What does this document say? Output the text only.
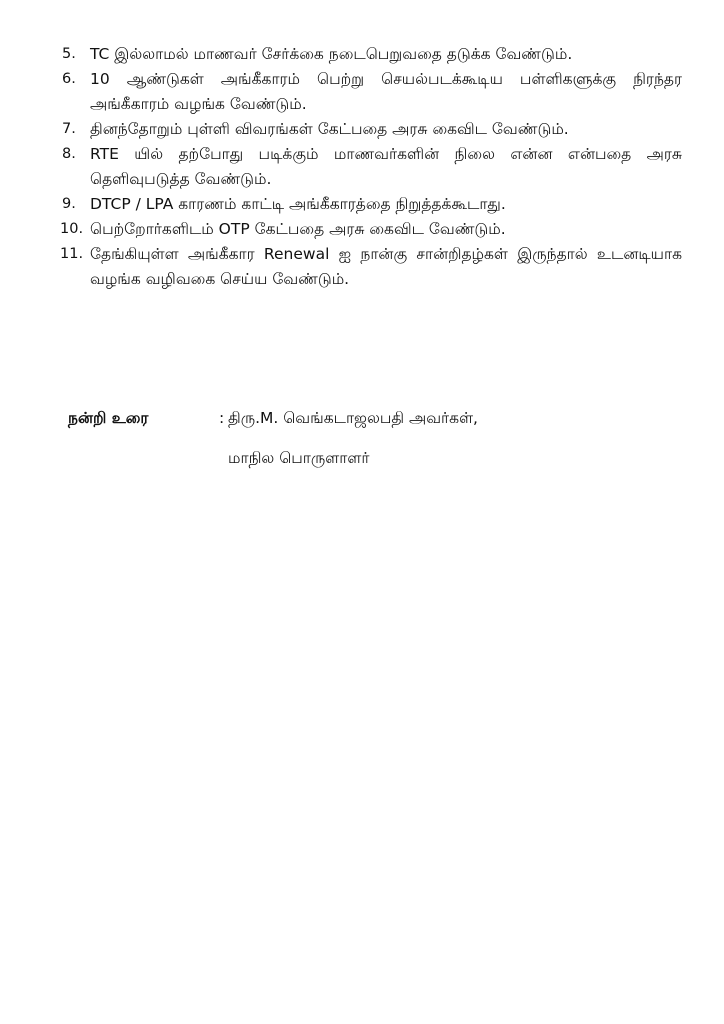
5. TC இல்லாமல் மாணவர் சேர்க்கை நடைபெறுவதை தடுக்க வேண்டும்.
6. 10 ஆண்டுகள் அங்கீகாரம் பெற்று செயல்படக்கூடிய பள்ளிகளுக்கு நிரந்தர அங்கீகாரம் வழங்க வேண்டும்.
7. தினந்தோறும் புள்ளி விவரங்கள் கேட்பதை அரசு கைவிட வேண்டும்.
8. RTE யில் தற்போது படிக்கும் மாணவர்களின் நிலை என்ன என்பதை அரசு தெளிவுபடுத்த வேண்டும்.
9. DTCP / LPA காரணம் காட்டி அங்கீகாரத்தை நிறுத்தக்கூடாது.
10. பெற்றோர்களிடம் OTP கேட்பதை அரசு கைவிட வேண்டும்.
11. தேங்கியுள்ள அங்கீகார Renewal ஐ நான்கு சான்றிதழ்கள் இருந்தால் உடனடியாக வழங்க வழிவகை செய்ய வேண்டும்.
நன்றி உரை	: திரு.M. வெங்கடாஜலபதி அவர்கள்,
மாநில பொருளாளர்
